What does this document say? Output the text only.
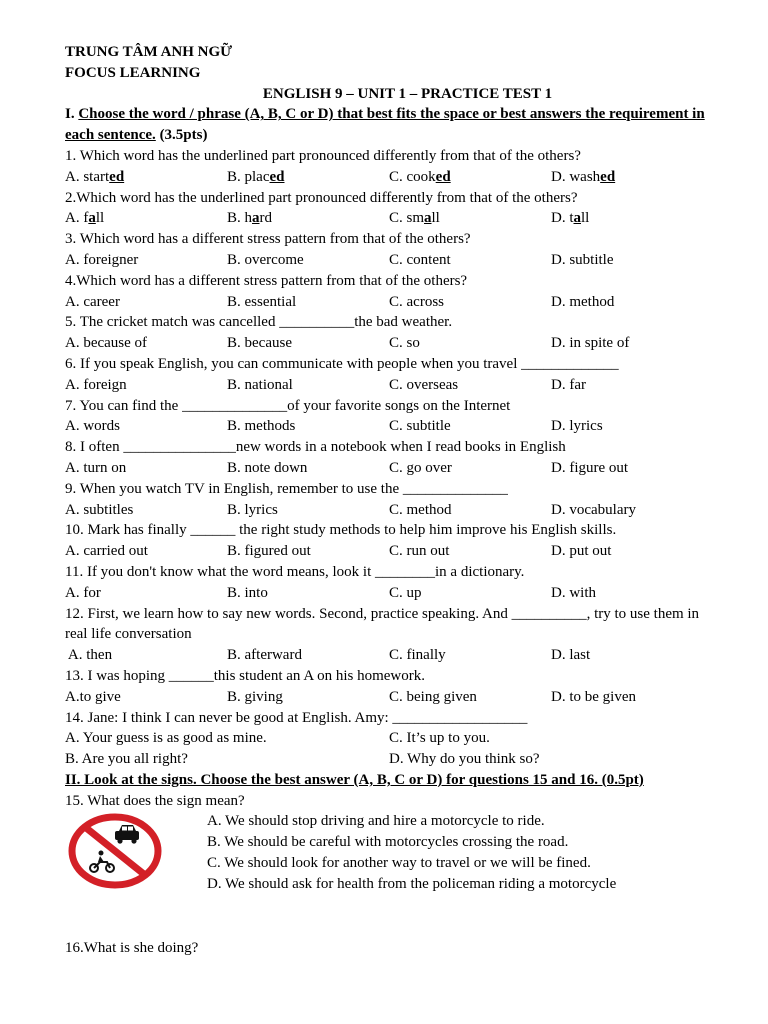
TRUNG TÂM ANH NGỮ
FOCUS LEARNING
ENGLISH 9 – UNIT 1 – PRACTICE TEST 1
I. Choose the word / phrase (A, B, C or D) that best fits the space or best answers the requirement in each sentence. (3.5pts)
1. Which word has the underlined part pronounced differently from that of the others?
A. started	B. placed	C. cooked	D. washed
2.Which word has the underlined part pronounced differently from that of the others?
A. fall	B. hard	C. small	D. tall
3. Which word has a different stress pattern from that of the others?
A. foreigner	B. overcome	C. content	D. subtitle
4.Which word has a different stress pattern from that of the others?
A. career	B. essential	C. across	D. method
5. The cricket match was cancelled __________the bad weather.
A. because of	B. because	C. so	D. in spite of
6. If you speak English, you can communicate with people when you travel _____________
A. foreign	B. national	C. overseas	D. far
7. You can find the ______________of your favorite songs on the Internet
A. words	B. methods	C. subtitle	D. lyrics
8. I often _______________new words in a notebook when I read books in English
A. turn on	B. note down	C. go over	D. figure out
9. When you watch TV in English, remember to use the ______________
A. subtitles	B. lyrics	C. method	D. vocabulary
10. Mark has finally ______ the right study methods to help him improve his English skills.
A. carried out	B. figured out	C. run out	D. put out
11. If you don't know what the word means, look it ________in a dictionary.
A. for	B. into	C. up	D. with
12. First, we learn how to say new words. Second, practice speaking. And __________, try to use them in real life conversation
A. then	B. afterward	C. finally	D. last
13. I was hoping ______this student an A on his homework.
A.to give	B. giving	C. being given	D. to be given
14. Jane: I think I can never be good at English. Amy: __________________
A. Your guess is as good as mine.	C. It’s up to you.
B. Are you all right?	D. Why do you think so?
II. Look at the signs. Choose the best answer (A, B, C or D) for questions 15 and 16. (0.5pt)
15. What does the sign mean?
A. We should stop driving and hire a motorcycle to ride.
B. We should be careful with motorcycles crossing the road.
C. We should look for another way to travel or we will be fined.
D. We should ask for health from the policeman riding a motorcycle
16.What is she doing?
